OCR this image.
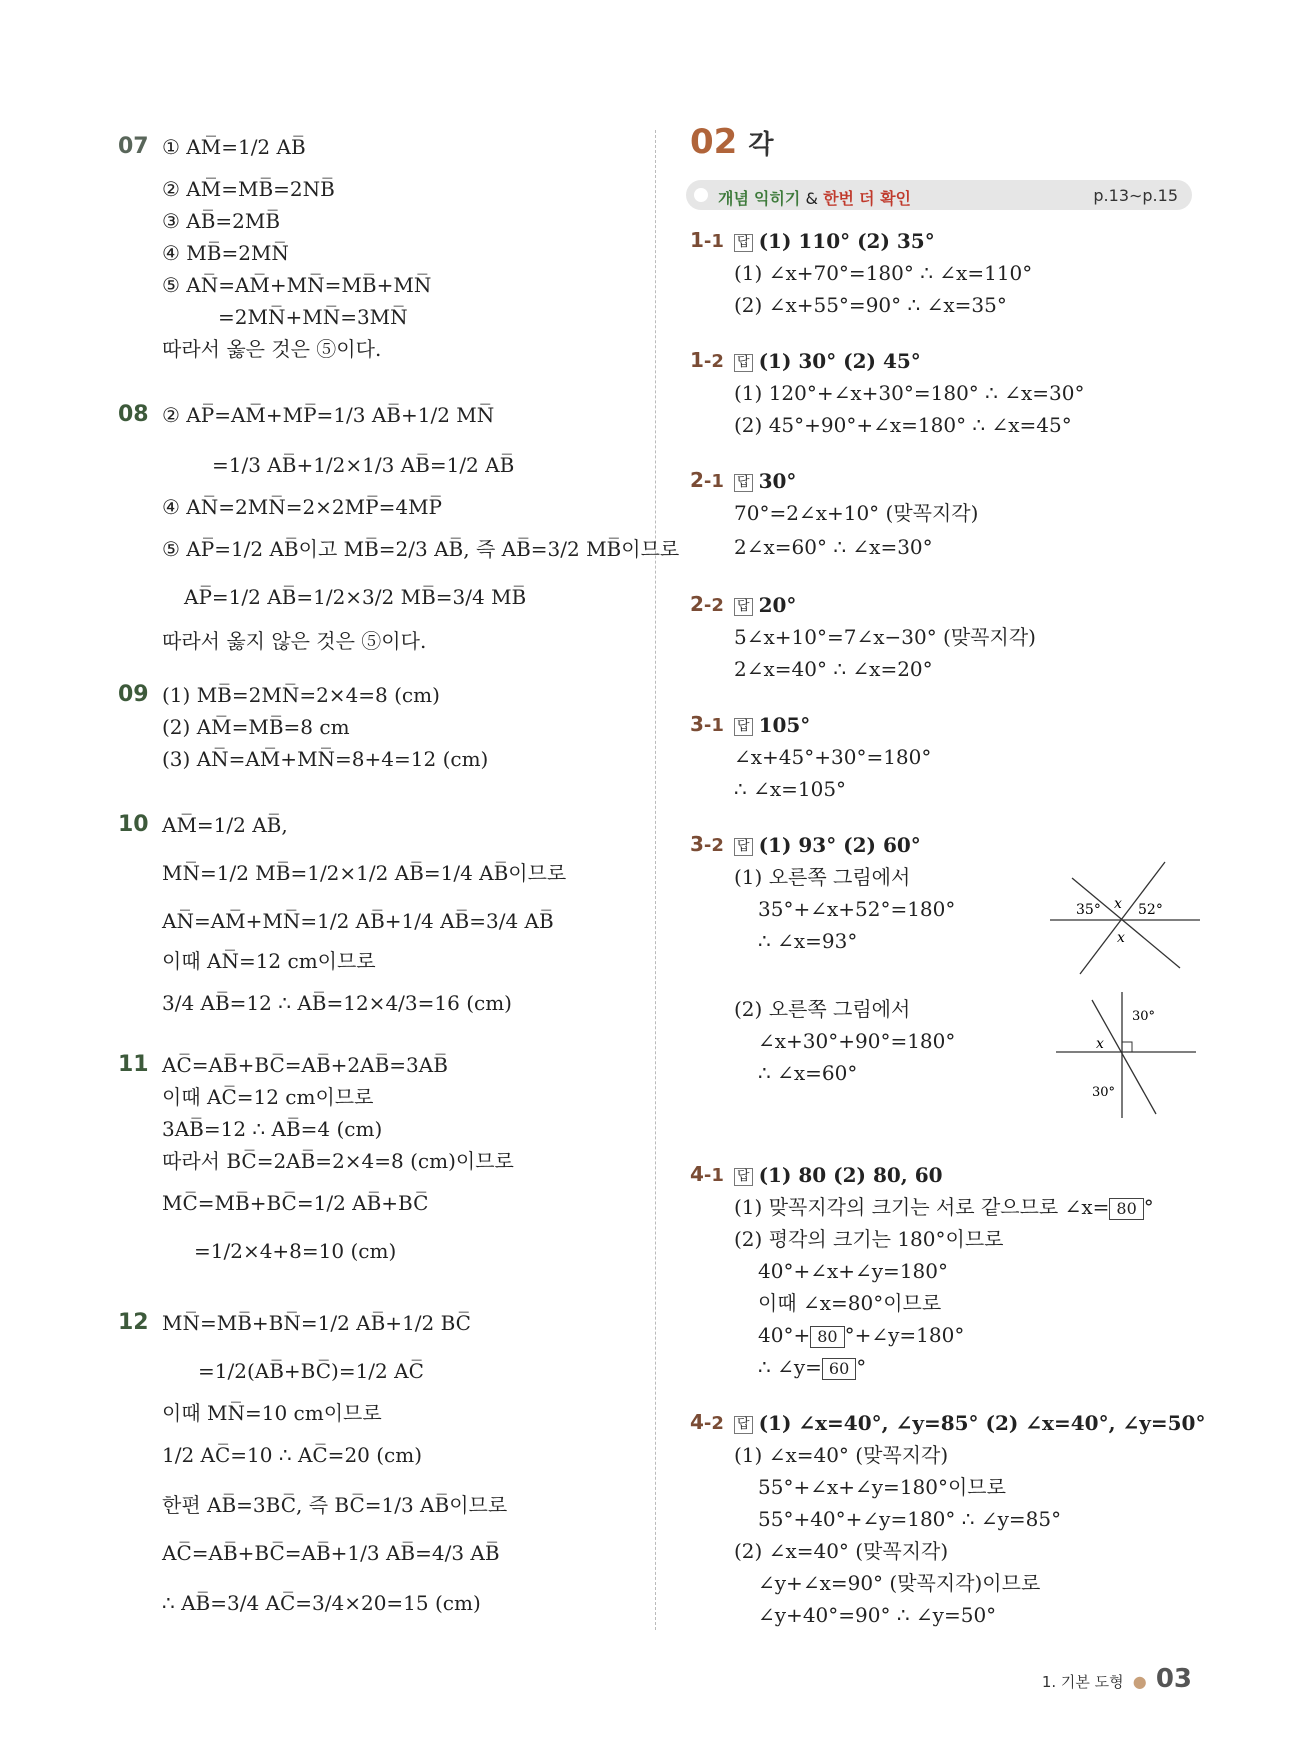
07 ① AM̅=1/2 AB̅
② AM̅=MB̅=2NB̅
③ AB̅=2MB̅
④ MB̅=2MN̅
⑤ AN̅=AM̅+MN̅=MB̅+MN̅
=2MN̅+MN̅=3MN̅
따라서 옳은 것은 ⑤이다.
08 ② AP̅=AM̅+MP̅=1/3 AB̅+1/2 MN̅
=1/3 AB̅+1/2×1/3 AB̅=1/2 AB̅
④ AN̅=2MN̅=2×2MP̅=4MP̅
⑤ AP̅=1/2 AB̅이고 MB̅=2/3 AB̅, 즉 AB̅=3/2 MB̅이므로
AP̅=1/2 AB̅=1/2×3/2 MB̅=3/4 MB̅
따라서 옳지 않은 것은 ⑤이다.
09 (1) MB̅=2MN̅=2×4=8 (cm)
(2) AM̅=MB̅=8 cm
(3) AN̅=AM̅+MN̅=8+4=12 (cm)
10 AM̅=1/2 AB̅,
MN̅=1/2 MB̅=1/2×1/2 AB̅=1/4 AB̅이므로
AN̅=AM̅+MN̅=1/2 AB̅+1/4 AB̅=3/4 AB̅
이때 AN̅=12 cm이므로
3/4 AB̅=12 ∴ AB̅=12×4/3=16 (cm)
11 AC̅=AB̅+BC̅=AB̅+2AB̅=3AB̅
이때 AC̅=12 cm이므로
3AB̅=12 ∴ AB̅=4 (cm)
따라서 BC̅=2AB̅=2×4=8 (cm)이므로
MC̅=MB̅+BC̅=1/2 AB̅+BC̅
=1/2×4+8=10 (cm)
12 MN̅=MB̅+BN̅=1/2 AB̅+1/2 BC̅
=1/2(AB̅+BC̅)=1/2 AC̅
이때 MN̅=10 cm이므로
1/2 AC̅=10 ∴ AC̅=20 (cm)
한편 AB̅=3BC̅, 즉 BC̅=1/3 AB̅이므로
AC̅=AB̅+BC̅=AB̅+1/3 AB̅=4/3 AB̅
∴ AB̅=3/4 AC̅=3/4×20=15 (cm)
02 각
개념 익히기 & 한번 더 확인	p.13∼p.15
1-1 답 (1) 110° (2) 35°
(1) ∠x+70°=180° ∴ ∠x=110°
(2) ∠x+55°=90° ∴ ∠x=35°
1-2 답 (1) 30° (2) 45°
(1) 120°+∠x+30°=180° ∴ ∠x=30°
(2) 45°+90°+∠x=180° ∴ ∠x=45°
2-1 답 30°
70°=2∠x+10° (맞꼭지각)
2∠x=60° ∴ ∠x=30°
2-2 답 20°
5∠x+10°=7∠x−30° (맞꼭지각)
2∠x=40° ∴ ∠x=20°
3-1 답 105°
∠x+45°+30°=180°
∴ ∠x=105°
3-2 답 (1) 93° (2) 60°
(1) 오른쪽 그림에서
35°+∠x+52°=180°
∴ ∠x=93°
(2) 오른쪽 그림에서
∠x+30°+90°=180°
∴ ∠x=60°
35°	52°
x
x
30°
30°
x
4-1 답 (1) 80 (2) 80, 60
(1) 맞꼭지각의 크기는 서로 같으므로 ∠x= 80 °
(2) 평각의 크기는 180°이므로
40°+∠x+∠y=180°
이때 ∠x=80°이므로
40°+ 80 °+∠y=180°
∴ ∠y= 60 °
4-2 답 (1) ∠x=40°, ∠y=85° (2) ∠x=40°, ∠y=50°
(1) ∠x=40° (맞꼭지각)
55°+∠x+∠y=180°이므로
55°+40°+∠y=180° ∴ ∠y=85°
(2) ∠x=40° (맞꼭지각)
∠y+∠x=90° (맞꼭지각)이므로
∠y+40°=90° ∴ ∠y=50°
1. 기본 도형 ● 03
